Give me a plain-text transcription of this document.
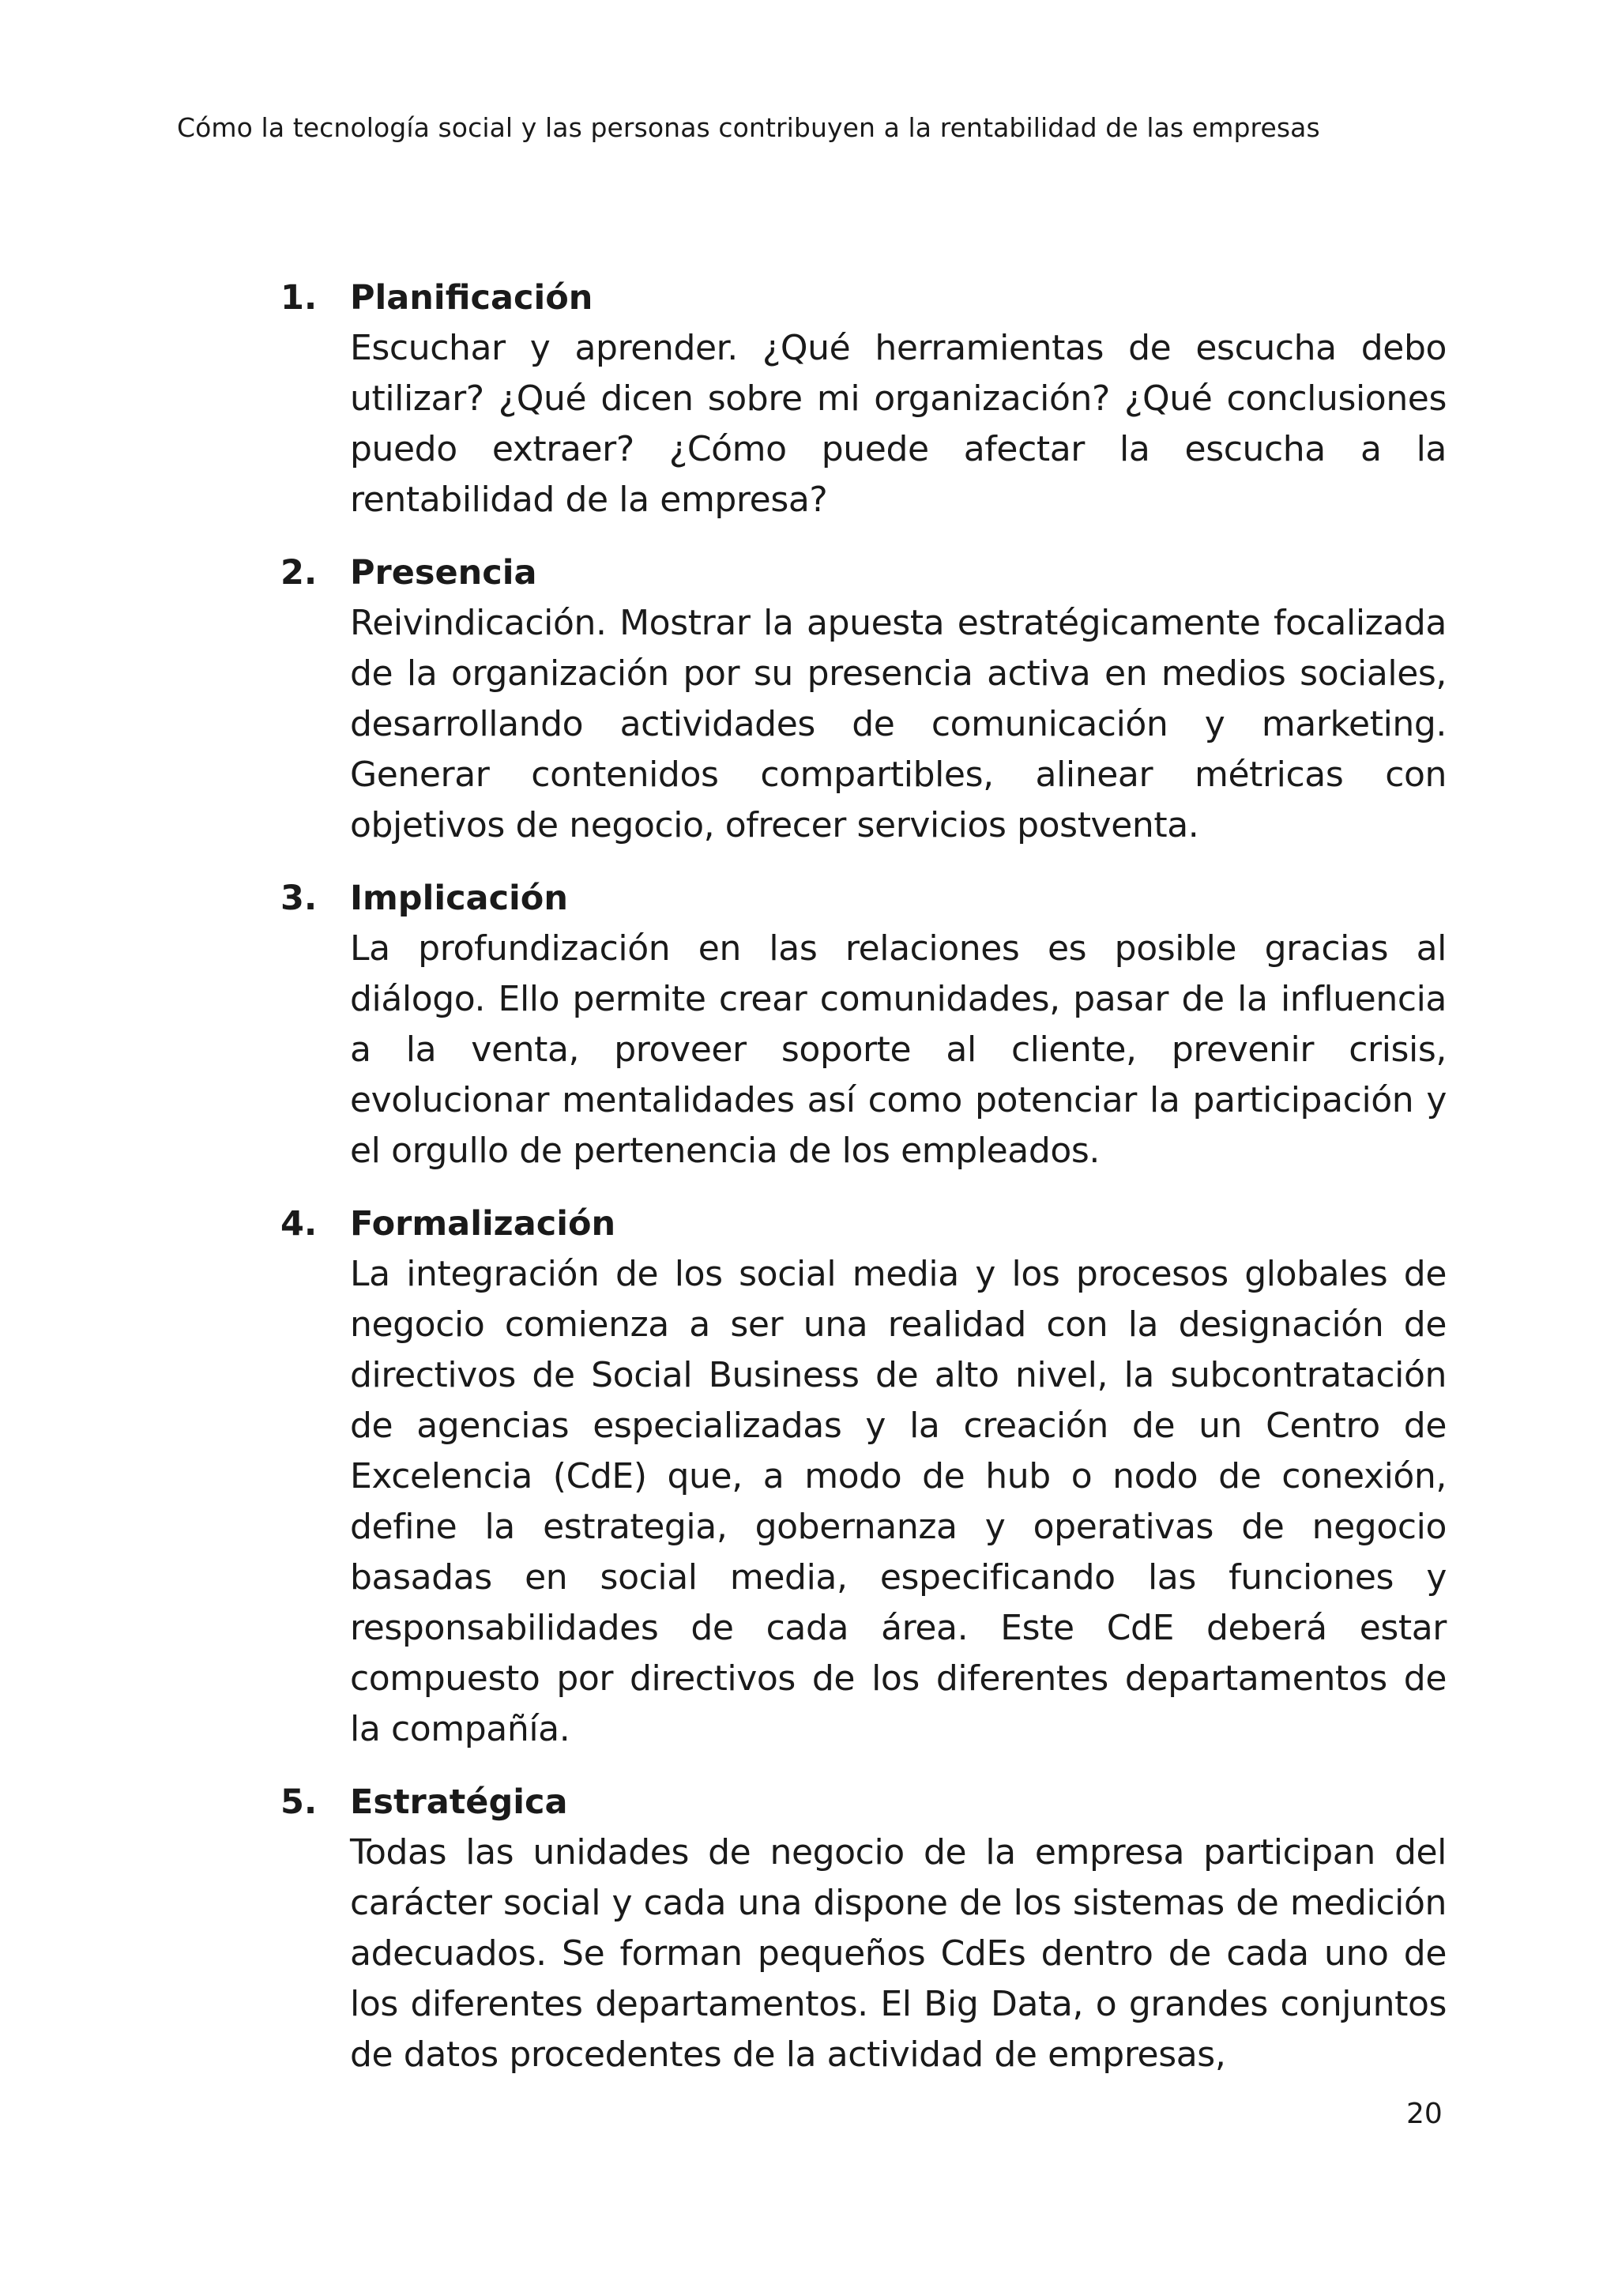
Cómo la tecnología social y las personas contribuyen a la rentabilidad de las empresas
1. Planificación
Escuchar y aprender. ¿Qué herramientas de escucha debo utilizar? ¿Qué dicen sobre mi organización? ¿Qué conclusiones puedo extraer? ¿Cómo puede afectar la escucha a la rentabilidad de la empresa?
2. Presencia
Reivindicación. Mostrar la apuesta estratégicamente focalizada de la organización por su presencia activa en medios sociales, desarrollando actividades de comunicación y marketing. Generar contenidos compartibles, alinear métricas con objetivos de negocio, ofrecer servicios postventa.
3. Implicación
La profundización en las relaciones es posible gracias al diálogo. Ello permite crear comunidades, pasar de la influencia a la venta, proveer soporte al cliente, prevenir crisis, evolucionar mentalidades así como potenciar la participación y el orgullo de pertenencia de los empleados.
4. Formalización
La integración de los social media y los procesos globales de negocio comienza a ser una realidad con la designación de directivos de Social Business de alto nivel, la subcontratación de agencias especializadas y la creación de un Centro de Excelencia (CdE) que, a modo de hub o nodo de conexión, define la estrategia, gobernanza y operativas de negocio basadas en social media, especificando las funciones y responsabilidades de cada área. Este CdE deberá estar compuesto por directivos de los diferentes departamentos de la compañía.
5. Estratégica
Todas las unidades de negocio de la empresa participan del carácter social y cada una dispone de los sistemas de medición adecuados. Se forman pequeños CdEs dentro de cada uno de los diferentes departamentos. El Big Data, o grandes conjuntos de datos procedentes de la actividad de empresas,
20
